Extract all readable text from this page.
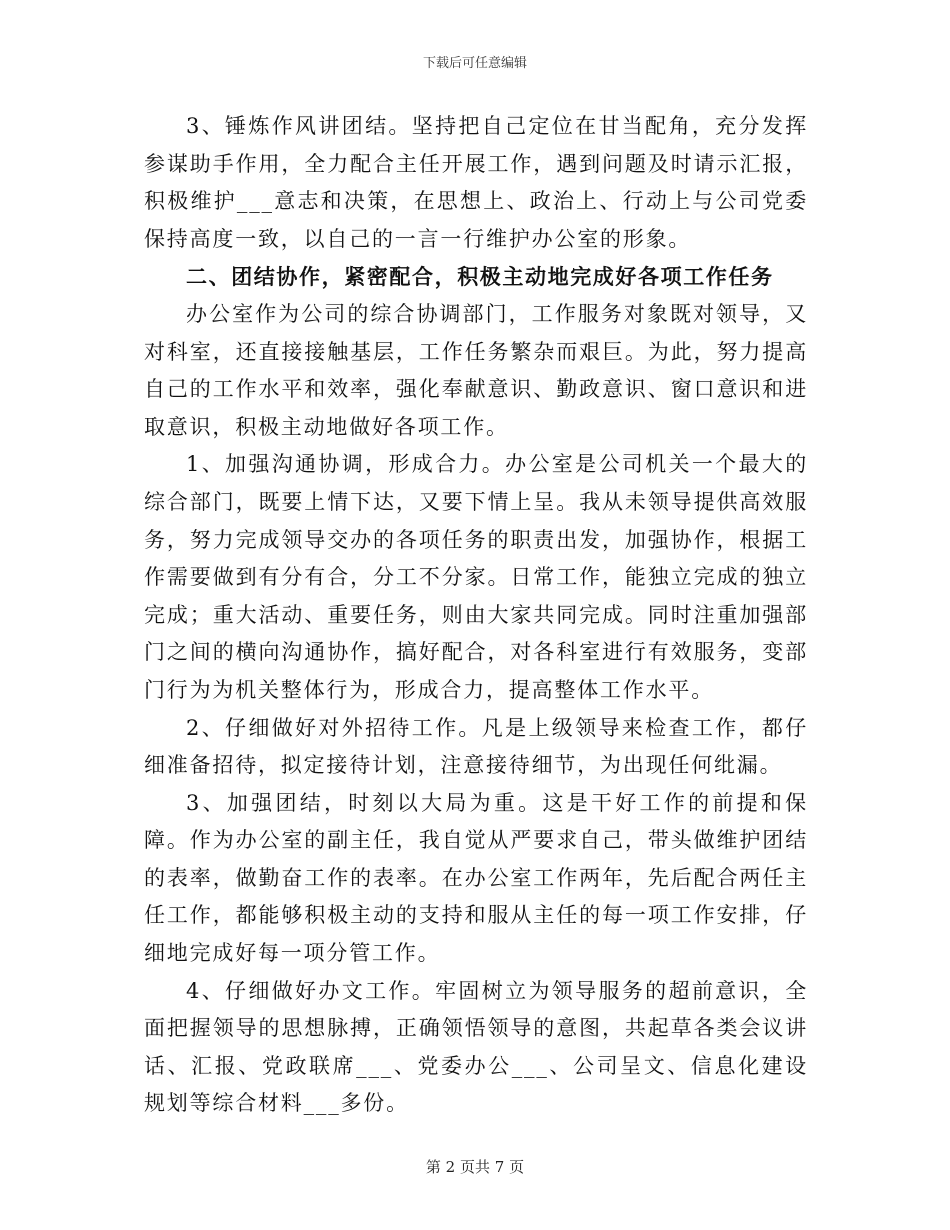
下载后可任意编辑

3、锤炼作风讲团结。坚持把自己定位在甘当配角，充分发挥参谋助手作用，全力配合主任开展工作，遇到问题及时请示汇报，积极维护___意志和决策，在思想上、政治上、行动上与公司党委保持高度一致，以自己的一言一行维护办公室的形象。

二、团结协作，紧密配合，积极主动地完成好各项工作任务

办公室作为公司的综合协调部门，工作服务对象既对领导，又对科室，还直接接触基层，工作任务繁杂而艰巨。为此，努力提高自己的工作水平和效率，强化奉献意识、勤政意识、窗口意识和进取意识，积极主动地做好各项工作。

1、加强沟通协调，形成合力。办公室是公司机关一个最大的综合部门，既要上情下达，又要下情上呈。我从未领导提供高效服务，努力完成领导交办的各项任务的职责出发，加强协作，根据工作需要做到有分有合，分工不分家。日常工作，能独立完成的独立完成；重大活动、重要任务，则由大家共同完成。同时注重加强部门之间的横向沟通协作，搞好配合，对各科室进行有效服务，变部门行为为机关整体行为，形成合力，提高整体工作水平。

2、仔细做好对外招待工作。凡是上级领导来检查工作，都仔细准备招待，拟定接待计划，注意接待细节，为出现任何纰漏。

3、加强团结，时刻以大局为重。这是干好工作的前提和保障。作为办公室的副主任，我自觉从严要求自己，带头做维护团结的表率，做勤奋工作的表率。在办公室工作两年，先后配合两任主任工作，都能够积极主动的支持和服从主任的每一项工作安排，仔细地完成好每一项分管工作。

4、仔细做好办文工作。牢固树立为领导服务的超前意识，全面把握领导的思想脉搏，正确领悟领导的意图，共起草各类会议讲话、汇报、党政联席___、党委办公___、公司呈文、信息化建设规划等综合材料___多份。

第 2 页共 7 页
